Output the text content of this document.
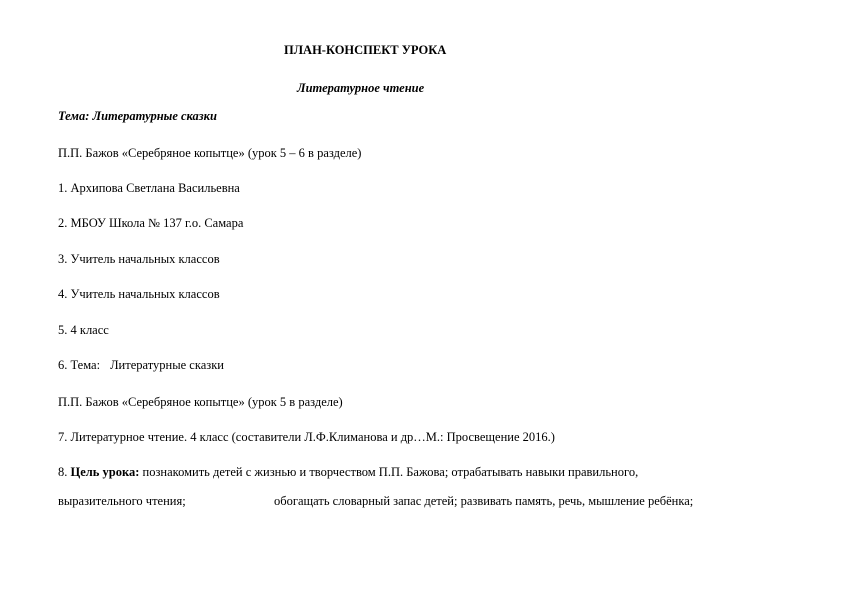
ПЛАН-КОНСПЕКТ УРОКА
Литературное чтение
Тема: Литературные сказки
П.П. Бажов «Серебряное копытце» (урок 5 – 6 в разделе)
1. Архипова Светлана Васильевна
2. МБОУ Школа № 137 г.о. Самара
3. Учитель начальных классов
4. Учитель начальных классов
5. 4 класс
6. Тема: Литературные сказки
П.П. Бажов «Серебряное копытце» (урок 5 в разделе)
7. Литературное чтение. 4 класс (составители Л.Ф.Климанова и др…М.: Просвещение 2016.)
8. Цель урока: познакомить детей с жизнью и творчеством П.П. Бажова; отрабатывать навыки правильного,
выразительного чтения;	обогащать словарный запас детей; развивать память, речь, мышление ребёнка;
